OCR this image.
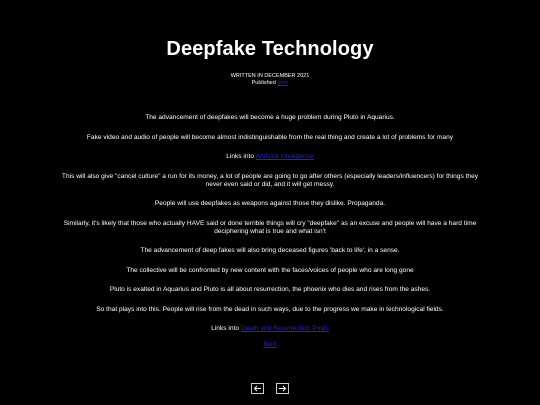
Deepfake Technology
WRITTEN IN DECEMBER 2021
Published here

The advancement of deepfakes will become a huge problem during Pluto in Aquarius.

Fake video and audio of people will become almost indistinguishable from the real thing and create a lot of problems for many

Links into Artificial Intelligence

This will also give "cancel culture" a run for its money, a lot of people are going to go after others (especially leaders/influencers) for things they never even said or did, and it will get messy.

People will use deepfakes as weapons against those they dislike. Propaganda.

Similarly, it's likely that those who actually HAVE said or done terrible things will cry "deepfake" as an excuse and people will have a hard time deciphering what is true and what isn't

The advancement of deep fakes will also bring deceased figures 'back to life', in a sense.

The collective will be confronted by new content with the faces/voices of people who are long gone

Pluto is exalted in Aquarius and Pluto is all about resurrection, the phoenix who dies and rises from the ashes.

So that plays into this. People will rise from the dead in such ways, due to the progress we make in technological fields.

Links into Death and Resurrection Posts

Back
